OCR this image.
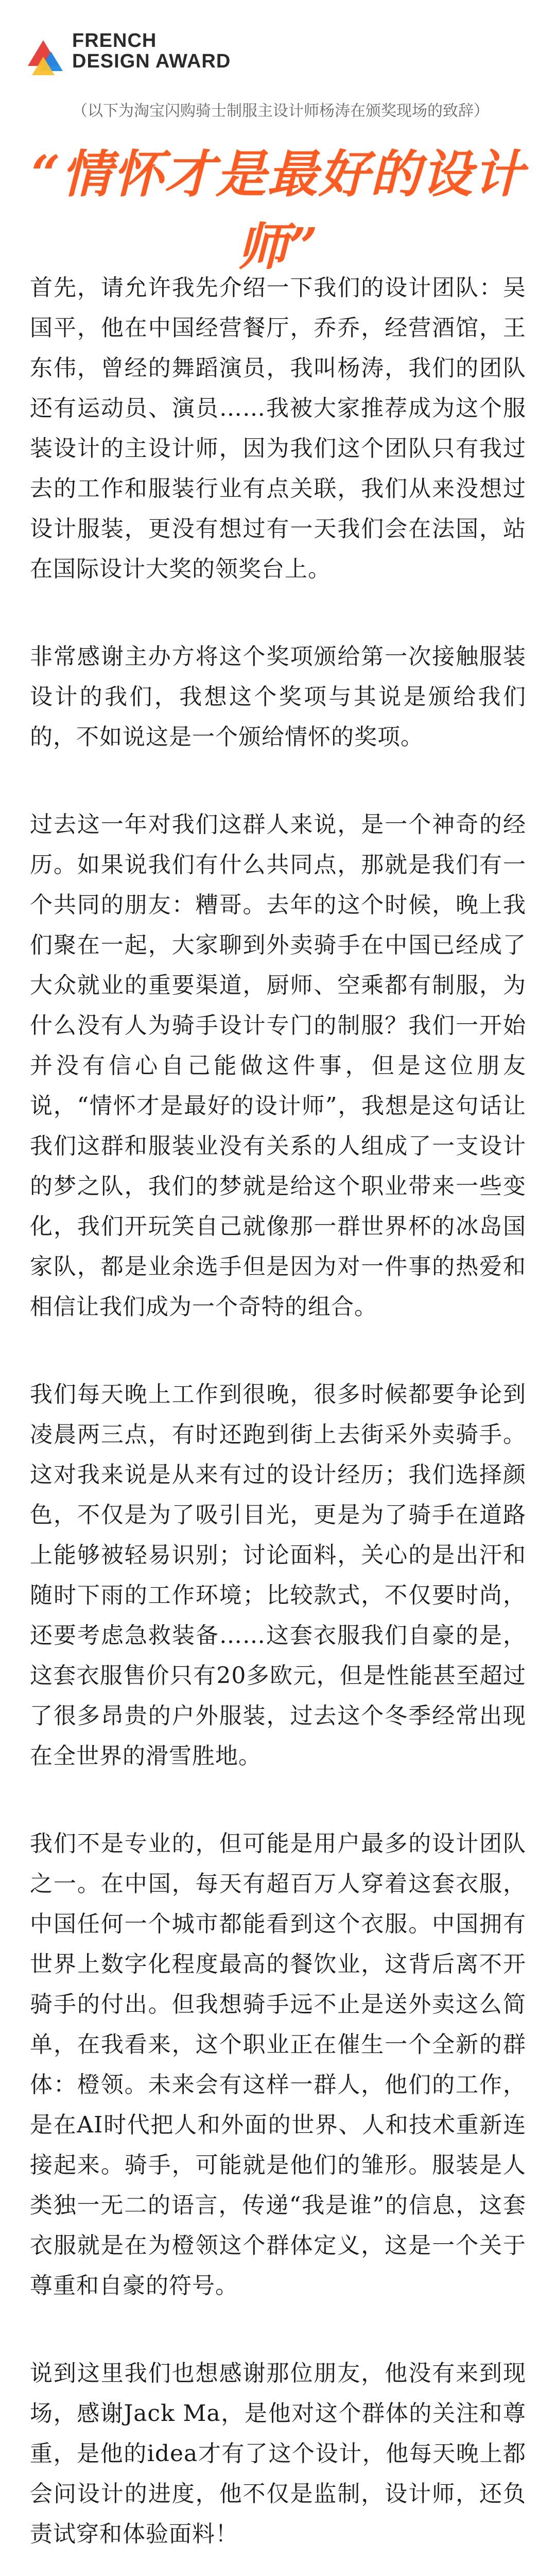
FRENCH
DESIGN AWARD
（以下为淘宝闪购骑士制服主设计师杨涛在颁奖现场的致辞）
“情怀才是最好的设计师”

首先，请允许我先介绍一下我们的设计团队：吴国平，他在中国经营餐厅，乔乔，经营酒馆，王东伟，曾经的舞蹈演员，我叫杨涛，我们的团队还有运动员、演员……我被大家推荐成为这个服装设计的主设计师，因为我们这个团队只有我过去的工作和服装行业有点关联，我们从来没想过设计服装，更没有想过有一天我们会在法国，站在国际设计大奖的领奖台上。

非常感谢主办方将这个奖项颁给第一次接触服装设计的我们，我想这个奖项与其说是颁给我们的，不如说这是一个颁给情怀的奖项。

过去这一年对我们这群人来说，是一个神奇的经历。如果说我们有什么共同点，那就是我们有一个共同的朋友：糟哥。去年的这个时候，晚上我们聚在一起，大家聊到外卖骑手在中国已经成了大众就业的重要渠道，厨师、空乘都有制服，为什么没有人为骑手设计专门的制服？我们一开始并没有信心自己能做这件事，但是这位朋友说，“情怀才是最好的设计师”，我想是这句话让我们这群和服装业没有关系的人组成了一支设计的梦之队，我们的梦就是给这个职业带来一些变化，我们开玩笑自己就像那一群世界杯的冰岛国家队，都是业余选手但是因为对一件事的热爱和相信让我们成为一个奇特的组合。

我们每天晚上工作到很晚，很多时候都要争论到凌晨两三点，有时还跑到街上去街采外卖骑手。这对我来说是从来有过的设计经历；我们选择颜色，不仅是为了吸引目光，更是为了骑手在道路上能够被轻易识别；讨论面料，关心的是出汗和随时下雨的工作环境；比较款式，不仅要时尚，还要考虑急救装备……这套衣服我们自豪的是，这套衣服售价只有20多欧元，但是性能甚至超过了很多昂贵的户外服装，过去这个冬季经常出现在全世界的滑雪胜地。

我们不是专业的，但可能是用户最多的设计团队之一。在中国，每天有超百万人穿着这套衣服，中国任何一个城市都能看到这个衣服。中国拥有世界上数字化程度最高的餐饮业，这背后离不开骑手的付出。但我想骑手远不止是送外卖这么简单，在我看来，这个职业正在催生一个全新的群体：橙领。未来会有这样一群人，他们的工作，是在AI时代把人和外面的世界、人和技术重新连接起来。骑手，可能就是他们的雏形。服装是人类独一无二的语言，传递“我是谁”的信息，这套衣服就是在为橙领这个群体定义，这是一个关于尊重和自豪的符号。

说到这里我们也想感谢那位朋友，他没有来到现场，感谢Jack Ma，是他对这个群体的关注和尊重，是他的idea才有了这个设计，他每天晚上都会问设计的进度，他不仅是监制，设计师，还负责试穿和体验面料！
